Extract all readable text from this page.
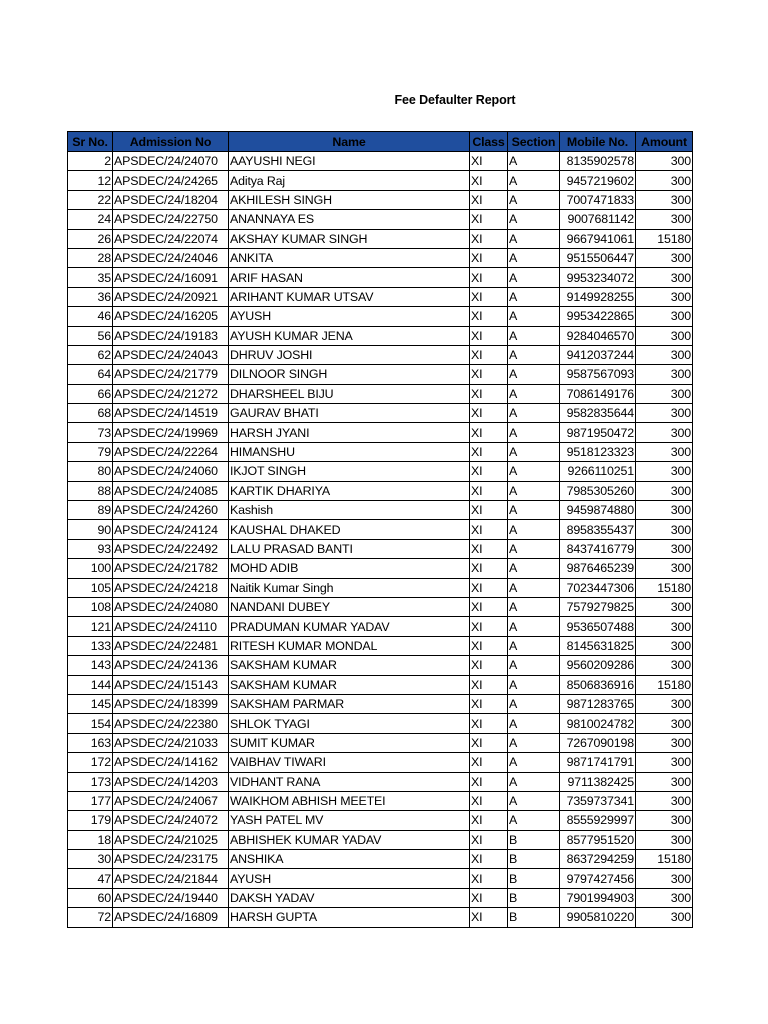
Fee Defaulter Report
Sr No.	Admission No	Name	Class	Section	Mobile No.	Amount
2	APSDEC/24/24070	AAYUSHI NEGI	XI	A	8135902578	300
12	APSDEC/24/24265	Aditya Raj	XI	A	9457219602	300
22	APSDEC/24/18204	AKHILESH SINGH	XI	A	7007471833	300
24	APSDEC/24/22750	ANANNAYA ES	XI	A	9007681142	300
26	APSDEC/24/22074	AKSHAY KUMAR SINGH	XI	A	9667941061	15180
28	APSDEC/24/24046	ANKITA	XI	A	9515506447	300
35	APSDEC/24/16091	ARIF HASAN	XI	A	9953234072	300
36	APSDEC/24/20921	ARIHANT KUMAR UTSAV	XI	A	9149928255	300
46	APSDEC/24/16205	AYUSH	XI	A	9953422865	300
56	APSDEC/24/19183	AYUSH KUMAR JENA	XI	A	9284046570	300
62	APSDEC/24/24043	DHRUV JOSHI	XI	A	9412037244	300
64	APSDEC/24/21779	DILNOOR SINGH	XI	A	9587567093	300
66	APSDEC/24/21272	DHARSHEEL BIJU	XI	A	7086149176	300
68	APSDEC/24/14519	GAURAV BHATI	XI	A	9582835644	300
73	APSDEC/24/19969	HARSH JYANI	XI	A	9871950472	300
79	APSDEC/24/22264	HIMANSHU	XI	A	9518123323	300
80	APSDEC/24/24060	IKJOT SINGH	XI	A	9266110251	300
88	APSDEC/24/24085	KARTIK DHARIYA	XI	A	7985305260	300
89	APSDEC/24/24260	Kashish	XI	A	9459874880	300
90	APSDEC/24/24124	KAUSHAL DHAKED	XI	A	8958355437	300
93	APSDEC/24/22492	LALU PRASAD BANTI	XI	A	8437416779	300
100	APSDEC/24/21782	MOHD ADIB	XI	A	9876465239	300
105	APSDEC/24/24218	Naitik Kumar Singh	XI	A	7023447306	15180
108	APSDEC/24/24080	NANDANI DUBEY	XI	A	7579279825	300
121	APSDEC/24/24110	PRADUMAN KUMAR YADAV	XI	A	9536507488	300
133	APSDEC/24/22481	RITESH KUMAR MONDAL	XI	A	8145631825	300
143	APSDEC/24/24136	SAKSHAM KUMAR	XI	A	9560209286	300
144	APSDEC/24/15143	SAKSHAM KUMAR	XI	A	8506836916	15180
145	APSDEC/24/18399	SAKSHAM PARMAR	XI	A	9871283765	300
154	APSDEC/24/22380	SHLOK TYAGI	XI	A	9810024782	300
163	APSDEC/24/21033	SUMIT KUMAR	XI	A	7267090198	300
172	APSDEC/24/14162	VAIBHAV TIWARI	XI	A	9871741791	300
173	APSDEC/24/14203	VIDHANT RANA	XI	A	9711382425	300
177	APSDEC/24/24067	WAIKHOM ABHISH MEETEI	XI	A	7359737341	300
179	APSDEC/24/24072	YASH PATEL MV	XI	A	8555929997	300
18	APSDEC/24/21025	ABHISHEK KUMAR YADAV	XI	B	8577951520	300
30	APSDEC/24/23175	ANSHIKA	XI	B	8637294259	15180
47	APSDEC/24/21844	AYUSH	XI	B	9797427456	300
60	APSDEC/24/19440	DAKSH YADAV	XI	B	7901994903	300
72	APSDEC/24/16809	HARSH GUPTA	XI	B	9905810220	300
